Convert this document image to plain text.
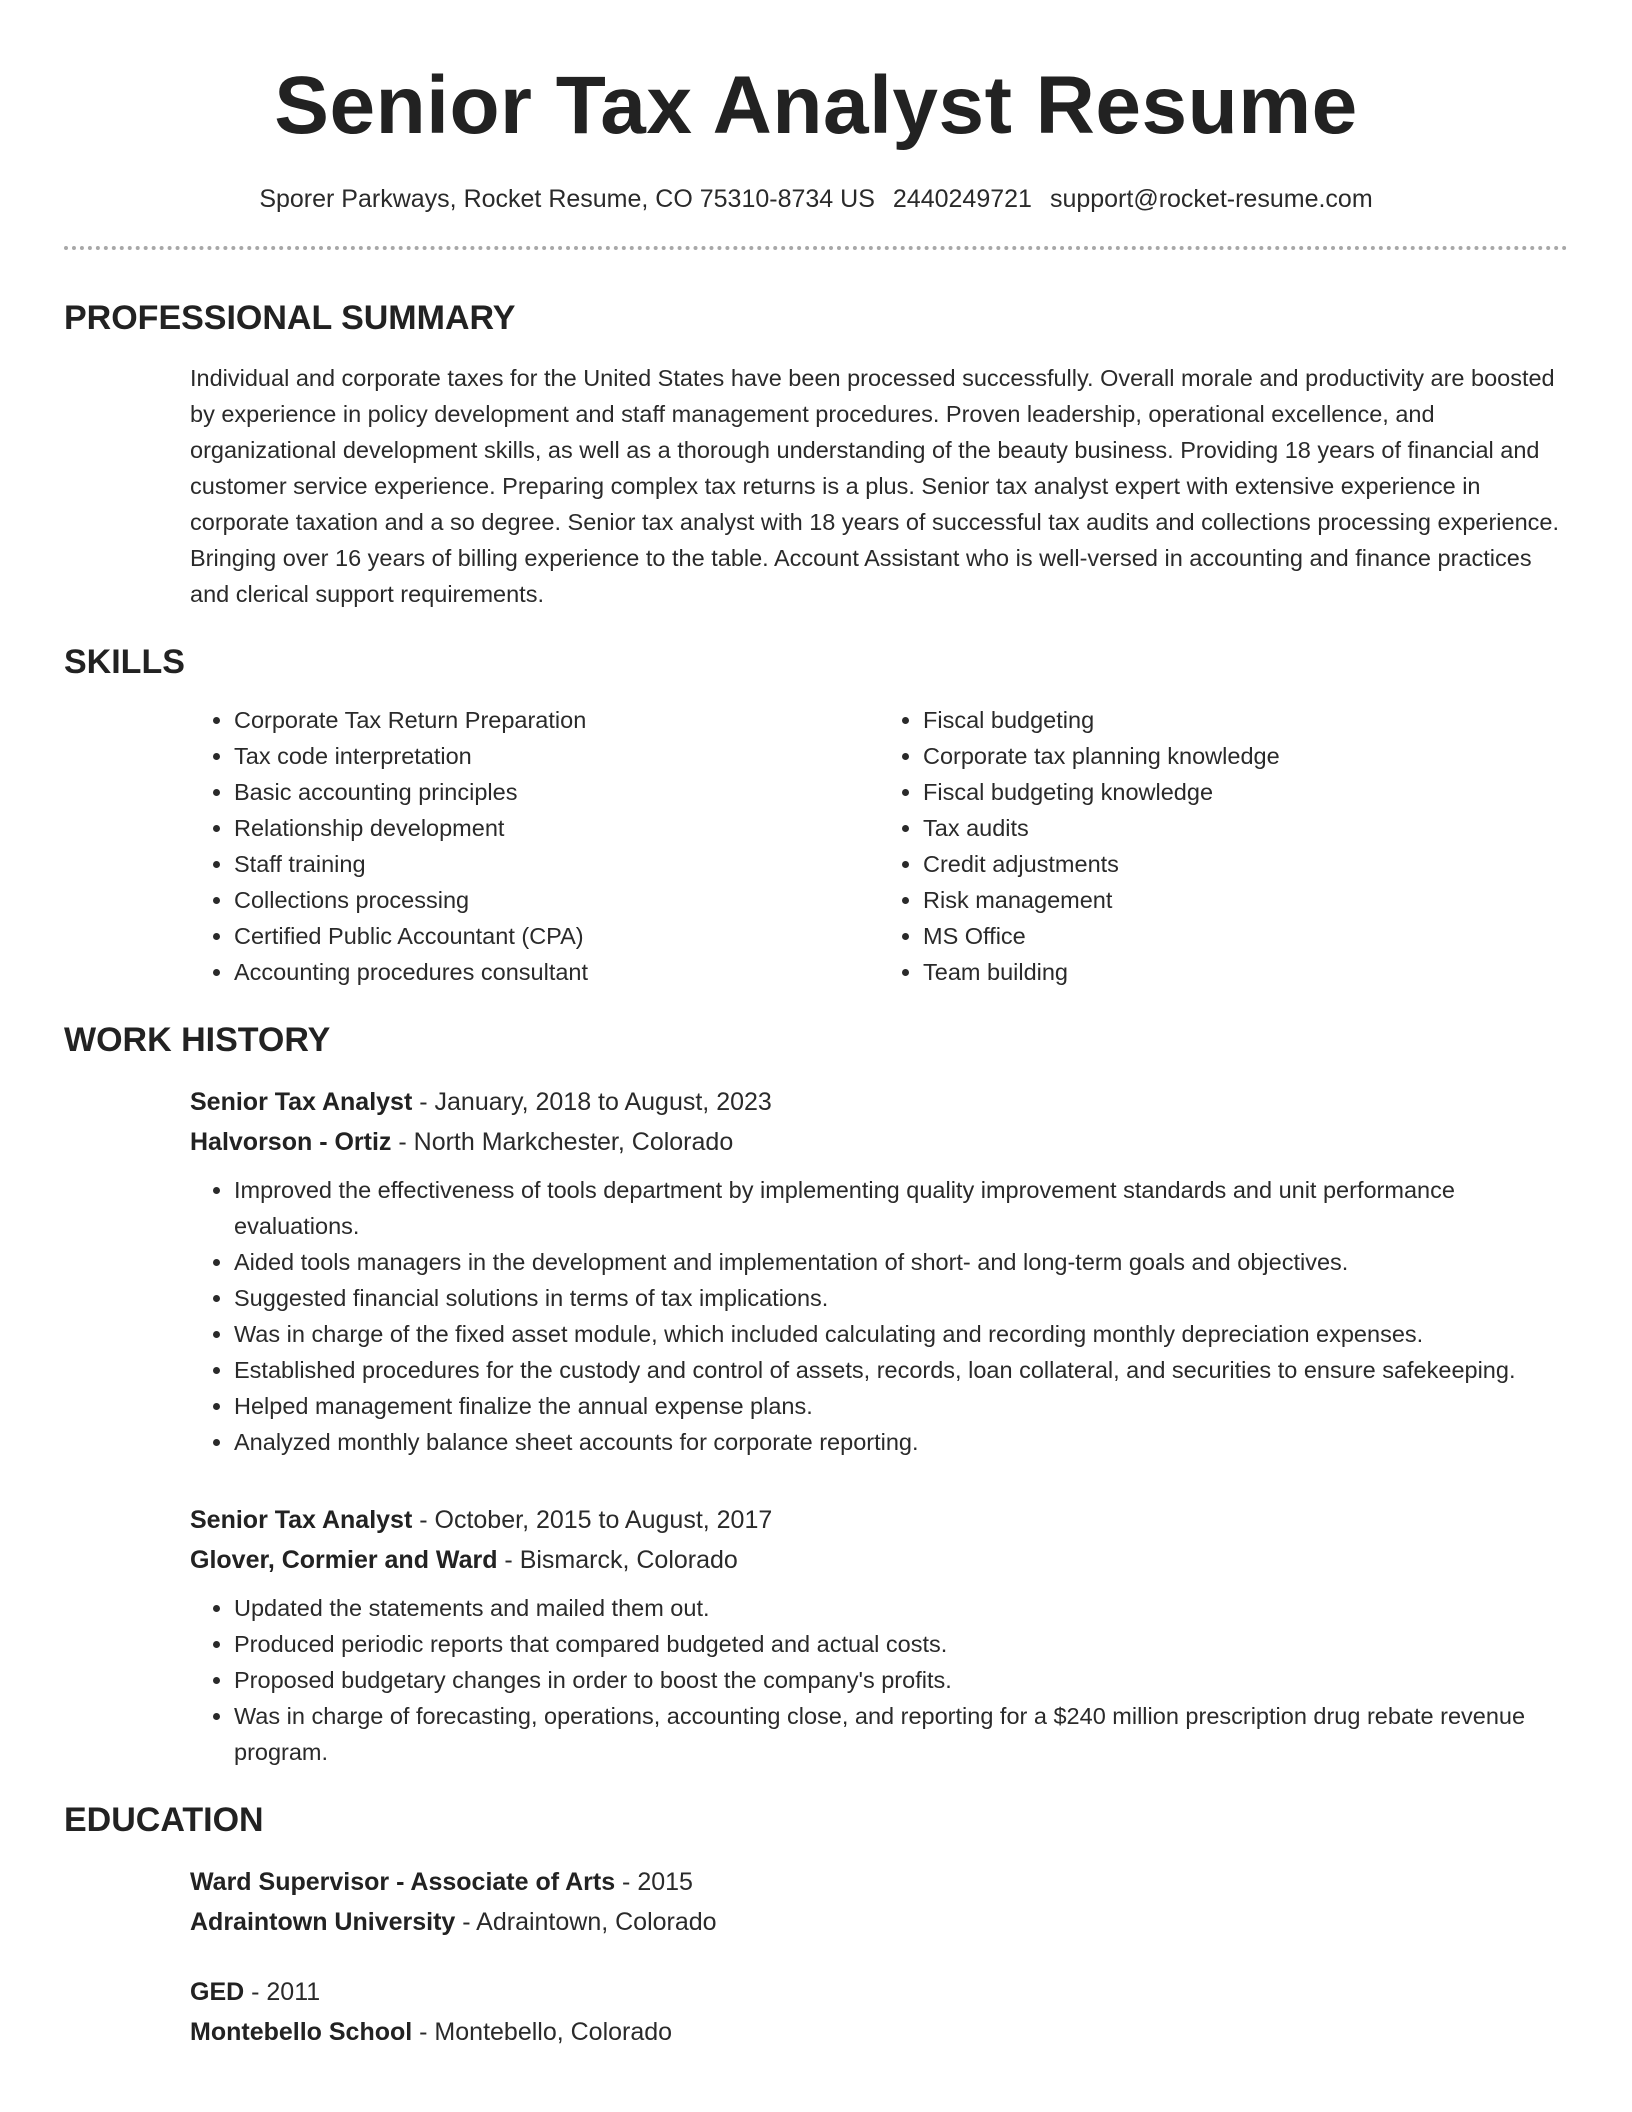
Senior Tax Analyst Resume
Sporer Parkways, Rocket Resume, CO 75310-8734 US 2440249721 support@rocket-resume.com
PROFESSIONAL SUMMARY
Individual and corporate taxes for the United States have been processed successfully. Overall morale and productivity are boosted by experience in policy development and staff management procedures. Proven leadership, operational excellence, and organizational development skills, as well as a thorough understanding of the beauty business. Providing 18 years of financial and customer service experience. Preparing complex tax returns is a plus. Senior tax analyst expert with extensive experience in corporate taxation and a so degree. Senior tax analyst with 18 years of successful tax audits and collections processing experience. Bringing over 16 years of billing experience to the table. Account Assistant who is well-versed in accounting and finance practices and clerical support requirements.
SKILLS
• Corporate Tax Return Preparation
• Tax code interpretation
• Basic accounting principles
• Relationship development
• Staff training
• Collections processing
• Certified Public Accountant (CPA)
• Accounting procedures consultant
• Fiscal budgeting
• Corporate tax planning knowledge
• Fiscal budgeting knowledge
• Tax audits
• Credit adjustments
• Risk management
• MS Office
• Team building
WORK HISTORY
Senior Tax Analyst - January, 2018 to August, 2023
Halvorson - Ortiz - North Markchester, Colorado
• Improved the effectiveness of tools department by implementing quality improvement standards and unit performance evaluations.
• Aided tools managers in the development and implementation of short- and long-term goals and objectives.
• Suggested financial solutions in terms of tax implications.
• Was in charge of the fixed asset module, which included calculating and recording monthly depreciation expenses.
• Established procedures for the custody and control of assets, records, loan collateral, and securities to ensure safekeeping.
• Helped management finalize the annual expense plans.
• Analyzed monthly balance sheet accounts for corporate reporting.
Senior Tax Analyst - October, 2015 to August, 2017
Glover, Cormier and Ward - Bismarck, Colorado
• Updated the statements and mailed them out.
• Produced periodic reports that compared budgeted and actual costs.
• Proposed budgetary changes in order to boost the company's profits.
• Was in charge of forecasting, operations, accounting close, and reporting for a $240 million prescription drug rebate revenue program.
EDUCATION
Ward Supervisor - Associate of Arts - 2015
Adraintown University - Adraintown, Colorado
GED - 2011
Montebello School - Montebello, Colorado
